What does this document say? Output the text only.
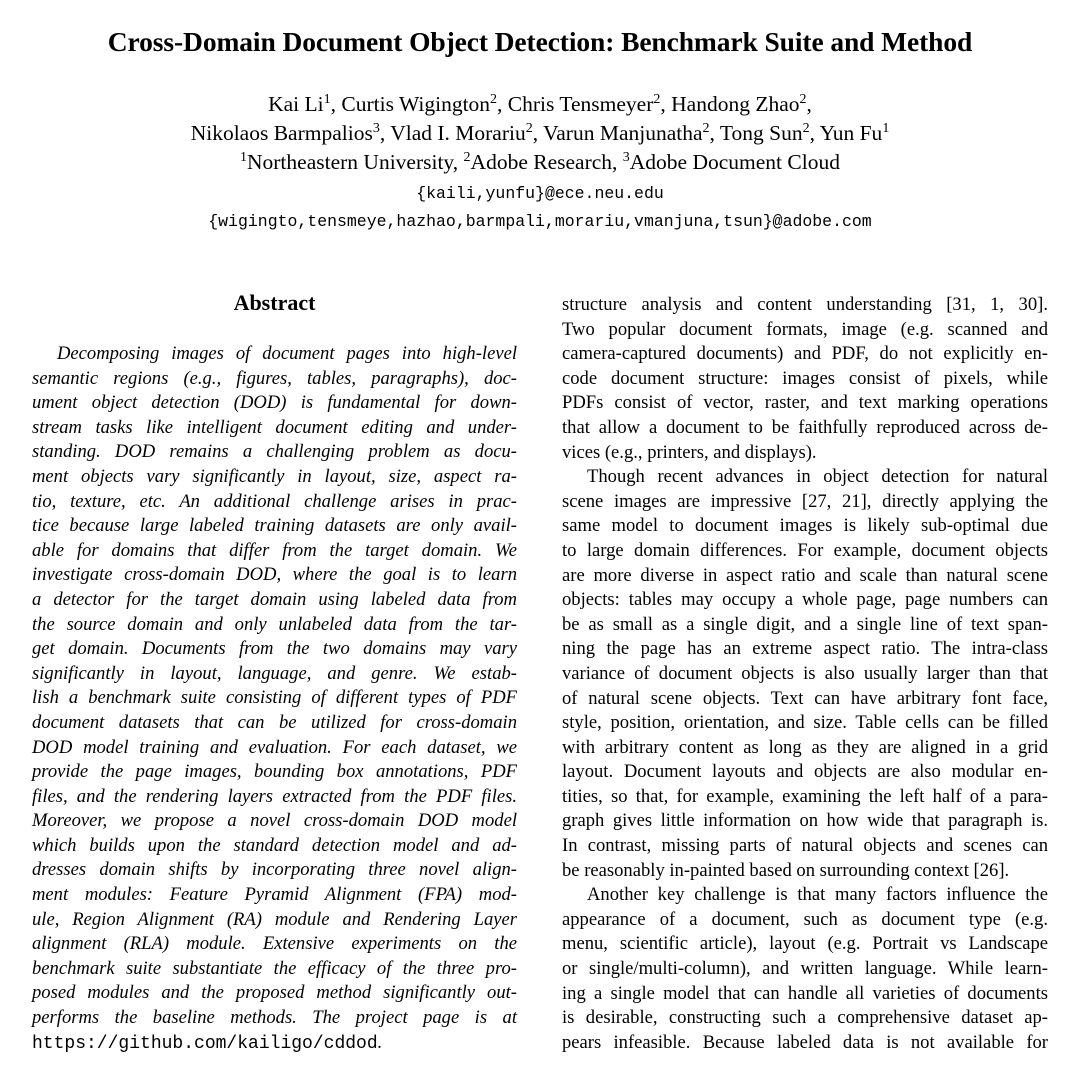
Cross-Domain Document Object Detection: Benchmark Suite and Method
Kai Li$^1$, Curtis Wigington$^2$, Chris Tensmeyer$^2$, Handong Zhao$^2$,
Nikolaos Barmpalios$^3$, Vlad I. Morariu$^2$, Varun Manjunatha$^2$, Tong Sun$^2$, Yun Fu$^1$
$^1$Northeastern University, $^2$Adobe Research, $^3$Adobe Document Cloud
{kaili,yunfu}@ece.neu.edu
{wigingto,tensmeye,hazhao,barmpali,morariu,vmanjuna,tsun}@adobe.com
Abstract
Decomposing images of document pages into high-level
semantic regions (e.g., figures, tables, paragraphs), doc-
ument object detection (DOD) is fundamental for down-
stream tasks like intelligent document editing and under-
standing. DOD remains a challenging problem as docu-
ment objects vary significantly in layout, size, aspect ra-
tio, texture, etc. An additional challenge arises in prac-
tice because large labeled training datasets are only avail-
able for domains that differ from the target domain. We
investigate cross-domain DOD, where the goal is to learn
a detector for the target domain using labeled data from
the source domain and only unlabeled data from the tar-
get domain. Documents from the two domains may vary
significantly in layout, language, and genre. We estab-
lish a benchmark suite consisting of different types of PDF
document datasets that can be utilized for cross-domain
DOD model training and evaluation. For each dataset, we
provide the page images, bounding box annotations, PDF
files, and the rendering layers extracted from the PDF files.
Moreover, we propose a novel cross-domain DOD model
which builds upon the standard detection model and ad-
dresses domain shifts by incorporating three novel align-
ment modules: Feature Pyramid Alignment (FPA) mod-
ule, Region Alignment (RA) module and Rendering Layer
alignment (RLA) module. Extensive experiments on the
benchmark suite substantiate the efficacy of the three pro-
posed modules and the proposed method significantly out-
performs the baseline methods. The project page is at
https://github.com/kailigo/cddod.

structure analysis and content understanding [31, 1, 30].
Two popular document formats, image (e.g. scanned and
camera-captured documents) and PDF, do not explicitly en-
code document structure: images consist of pixels, while
PDFs consist of vector, raster, and text marking operations
that allow a document to be faithfully reproduced across de-
vices (e.g., printers, and displays).

Though recent advances in object detection for natural
scene images are impressive [27, 21], directly applying the
same model to document images is likely sub-optimal due
to large domain differences. For example, document objects
are more diverse in aspect ratio and scale than natural scene
objects: tables may occupy a whole page, page numbers can
be as small as a single digit, and a single line of text span-
ning the page has an extreme aspect ratio. The intra-class
variance of document objects is also usually larger than that
of natural scene objects. Text can have arbitrary font face,
style, position, orientation, and size. Table cells can be filled
with arbitrary content as long as they are aligned in a grid
layout. Document layouts and objects are also modular en-
tities, so that, for example, examining the left half of a para-
graph gives little information on how wide that paragraph is.
In contrast, missing parts of natural objects and scenes can
be reasonably in-painted based on surrounding context [26].

Another key challenge is that many factors influence the
appearance of a document, such as document type (e.g.
menu, scientific article), layout (e.g. Portrait vs Landscape
or single/multi-column), and written language. While learn-
ing a single model that can handle all varieties of documents
is desirable, constructing such a comprehensive dataset ap-
pears infeasible. Because labeled data is not available for
